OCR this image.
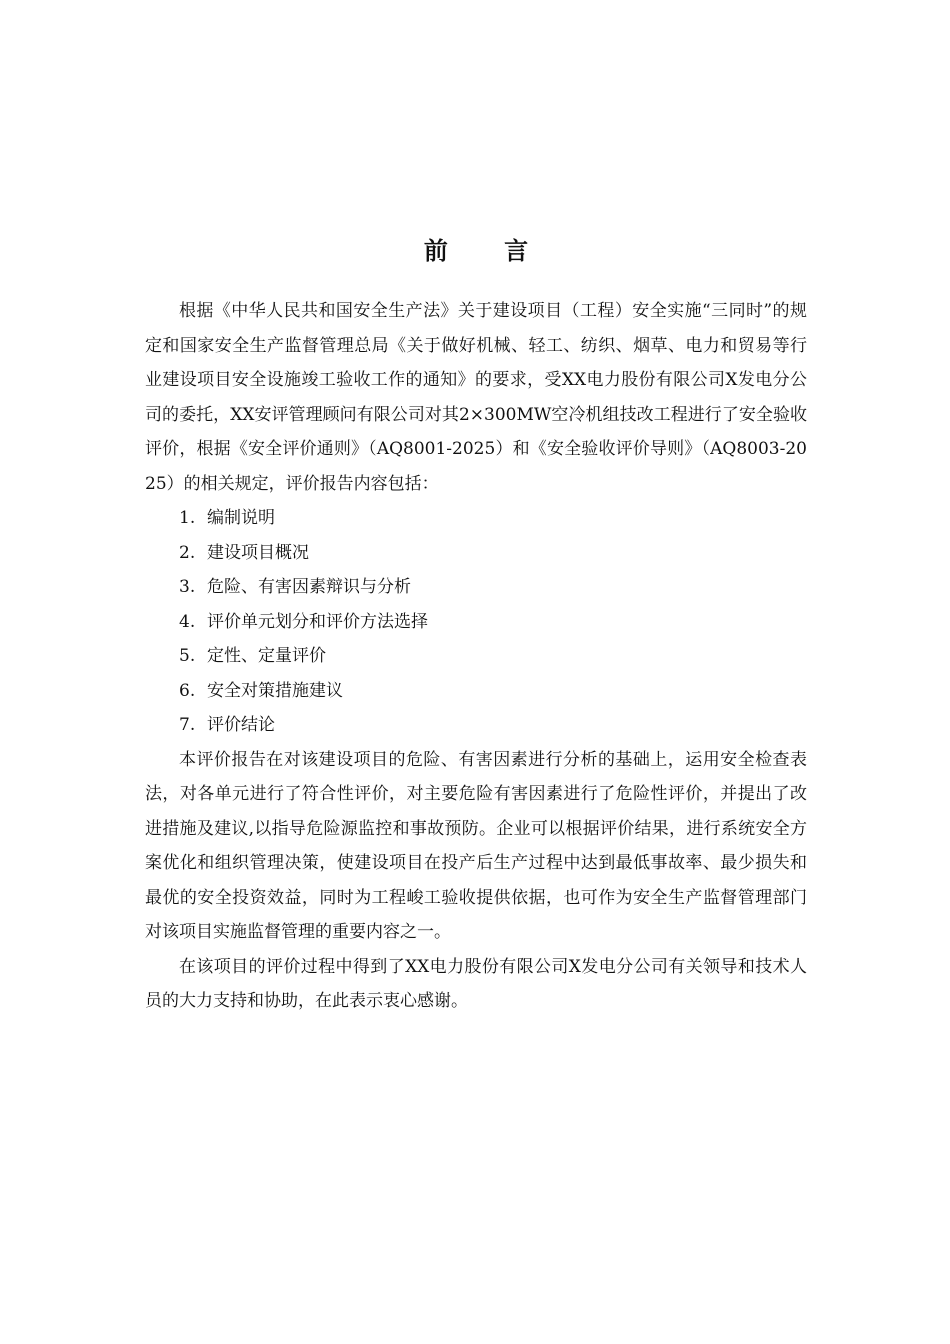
前 言

根据《中华人民共和国安全生产法》关于建设项目（工程）安全实施“三同时”的规定和国家安全生产监督管理总局《关于做好机械、轻工、纺织、烟草、电力和贸易等行业建设项目安全设施竣工验收工作的通知》的要求，受XX电力股份有限公司X发电分公司的委托，XX安评管理顾问有限公司对其2×300MW空冷机组技改工程进行了安全验收评价，根据《安全评价通则》（AQ8001-2025）和《安全验收评价导则》（AQ8003-2025）的相关规定，评价报告内容包括：

1. 编制说明
2. 建设项目概况
3. 危险、有害因素辩识与分析
4. 评价单元划分和评价方法选择
5. 定性、定量评价
6. 安全对策措施建议
7. 评价结论

本评价报告在对该建设项目的危险、有害因素进行分析的基础上，运用安全检查表法，对各单元进行了符合性评价，对主要危险有害因素进行了危险性评价，并提出了改进措施及建议,以指导危险源监控和事故预防。企业可以根据评价结果，进行系统安全方案优化和组织管理决策，使建设项目在投产后生产过程中达到最低事故率、最少损失和最优的安全投资效益，同时为工程峻工验收提供依据，也可作为安全生产监督管理部门对该项目实施监督管理的重要内容之一。

在该项目的评价过程中得到了XX电力股份有限公司X发电分公司有关领导和技术人员的大力支持和协助，在此表示衷心感谢。
